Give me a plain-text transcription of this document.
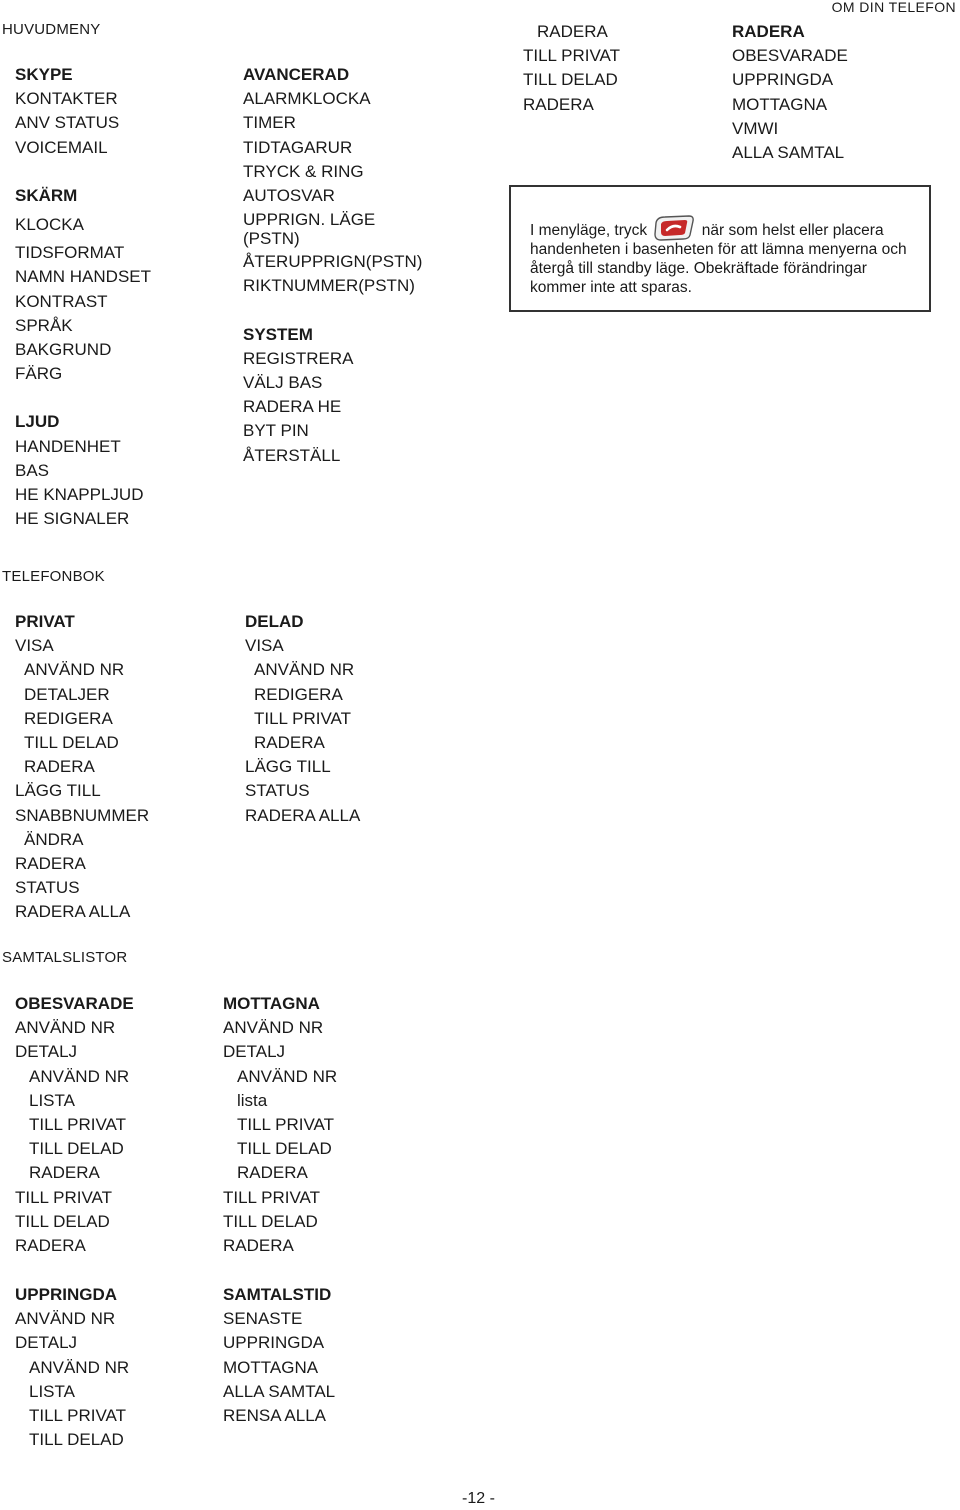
HUVUDMENY
OM DIN TELEFON
SKYPE
KONTAKTER
ANV STATUS
VOICEMAIL
SKÄRM
KLOCKA
TIDSFORMAT
NAMN HANDSET
KONTRAST
SPRÅK
BAKGRUND
FÄRG
LJUD
HANDENHET
BAS
HE KNAPPLJUD
HE SIGNALER
AVANCERAD
ALARMKLOCKA
TIMER
TIDTAGARUR
TRYCK & RING
AUTOSVAR
UPPRIGN. LÄGE (PSTN)
ÅTERUPPRIGN(PSTN)
RIKTNUMMER(PSTN)
SYSTEM
REGISTRERA
VÄLJ BAS
RADERA HE
BYT PIN
ÅTERSTÄLL
RADERA
TILL PRIVAT
TILL DELAD
RADERA
RADERA
OBESVARADE
UPPRINGDA
MOTTAGNA
VMWI
ALLA SAMTAL
I menyläge, tryck	när som helst eller placera handenheten i basenheten för att lämna menyerna och återgå till standby läge. Obekräftade förändringar kommer inte att sparas.
TELEFONBOK
PRIVAT
VISA
ANVÄND NR
DETALJER
REDIGERA
TILL DELAD
RADERA
LÄGG TILL
SNABBNUMMER
ÄNDRA
RADERA
STATUS
RADERA ALLA
DELAD
VISA
ANVÄND NR
REDIGERA
TILL PRIVAT
RADERA
LÄGG TILL
STATUS
RADERA ALLA
SAMTALSLISTOR
OBESVARADE
ANVÄND NR
DETALJ
ANVÄND NR
LISTA
TILL PRIVAT
TILL DELAD
RADERA
TILL PRIVAT
TILL DELAD
RADERA
MOTTAGNA
ANVÄND NR
DETALJ
ANVÄND NR
lista
TILL PRIVAT
TILL DELAD
RADERA
TILL PRIVAT
TILL DELAD
RADERA
UPPRINGDA
ANVÄND NR
DETALJ
ANVÄND NR
LISTA
TILL PRIVAT
TILL DELAD
SAMTALSTID
SENASTE
UPPRINGDA
MOTTAGNA
ALLA SAMTAL
RENSA ALLA
-12 -
